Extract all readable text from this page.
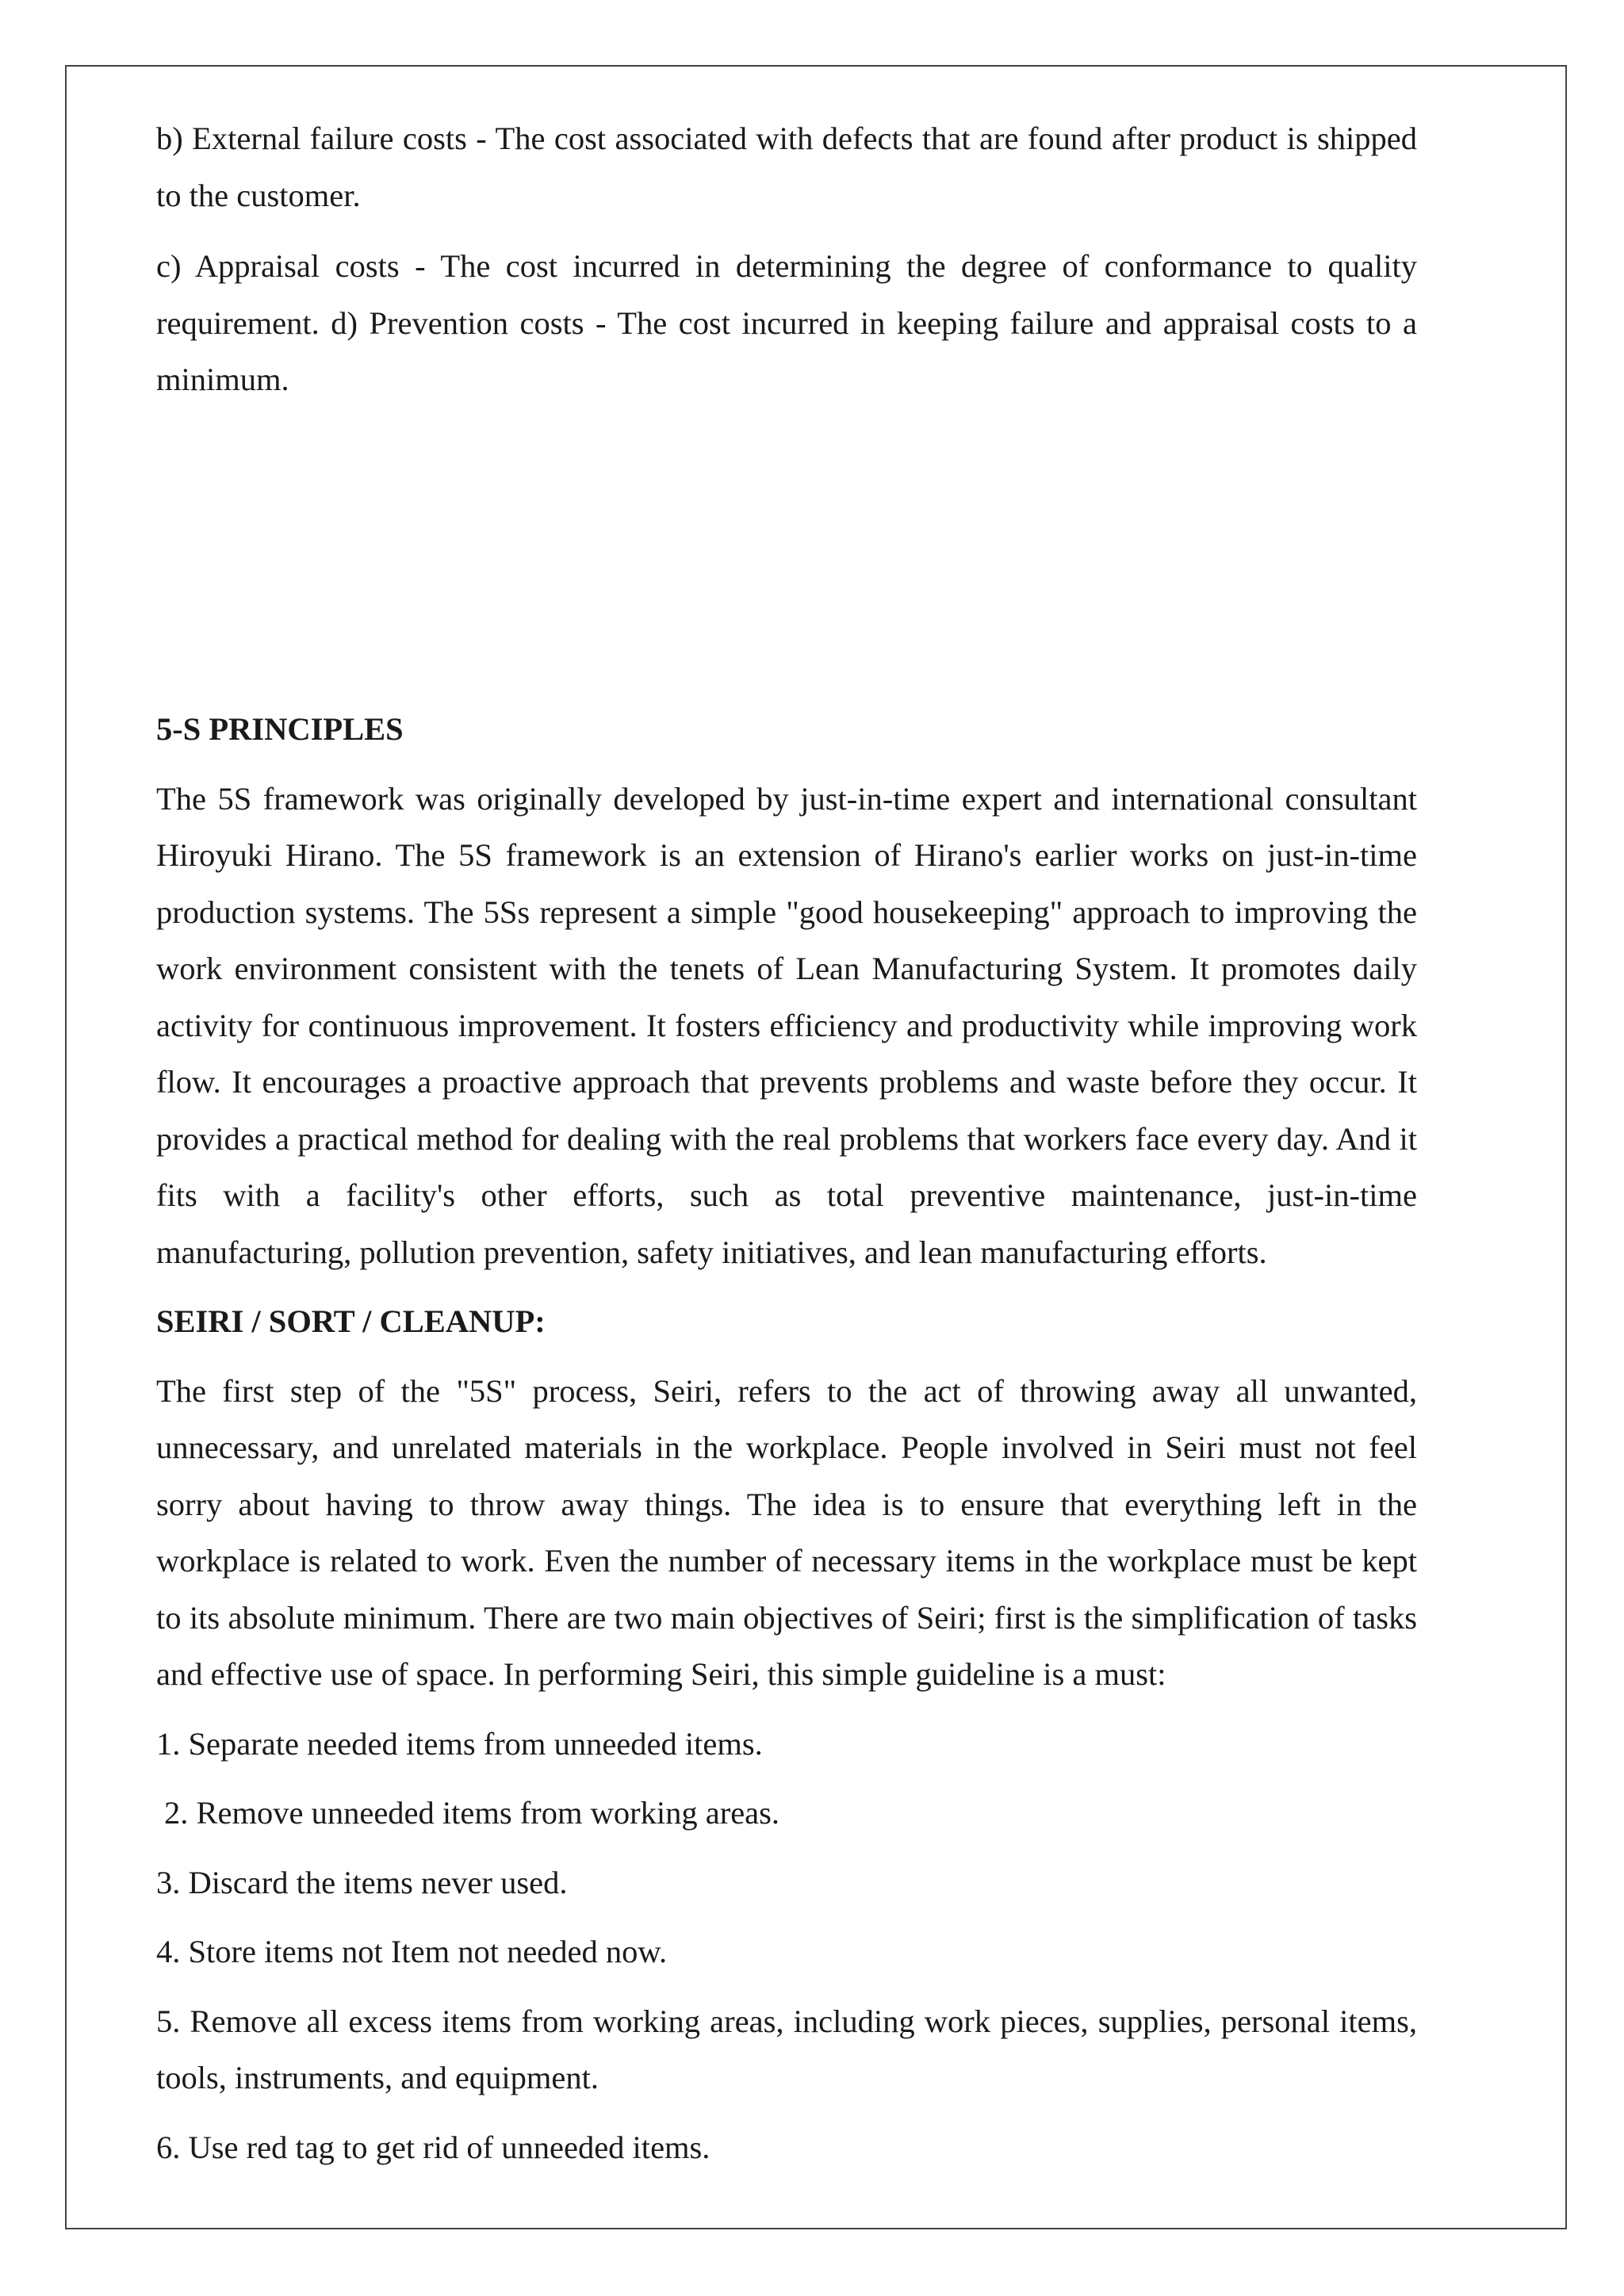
b) External failure costs - The cost associated with defects that are found after product is shipped to the customer.

c) Appraisal costs - The cost incurred in determining the degree of conformance to quality requirement. d) Prevention costs - The cost incurred in keeping failure and appraisal costs to a minimum.

5-S PRINCIPLES

The 5S framework was originally developed by just-in-time expert and international consultant Hiroyuki Hirano. The 5S framework is an extension of Hirano's earlier works on just-in-time production systems. The 5Ss represent a simple "good housekeeping" approach to improving the work environment consistent with the tenets of Lean Manufacturing System. It promotes daily activity for continuous improvement. It fosters efficiency and productivity while improving work flow. It encourages a proactive approach that prevents problems and waste before they occur. It provides a practical method for dealing with the real problems that workers face every day. And it fits with a facility's other efforts, such as total preventive maintenance, just-in-time manufacturing, pollution prevention, safety initiatives, and lean manufacturing efforts.

SEIRI / SORT / CLEANUP:

The first step of the "5S" process, Seiri, refers to the act of throwing away all unwanted, unnecessary, and unrelated materials in the workplace. People involved in Seiri must not feel sorry about having to throw away things. The idea is to ensure that everything left in the workplace is related to work. Even the number of necessary items in the workplace must be kept to its absolute minimum. There are two main objectives of Seiri; first is the simplification of tasks and effective use of space. In performing Seiri, this simple guideline is a must:

1. Separate needed items from unneeded items.

2. Remove unneeded items from working areas.

3. Discard the items never used.

4. Store items not Item not needed now.

5. Remove all excess items from working areas, including work pieces, supplies, personal items, tools, instruments, and equipment.

6. Use red tag to get rid of unneeded items.
